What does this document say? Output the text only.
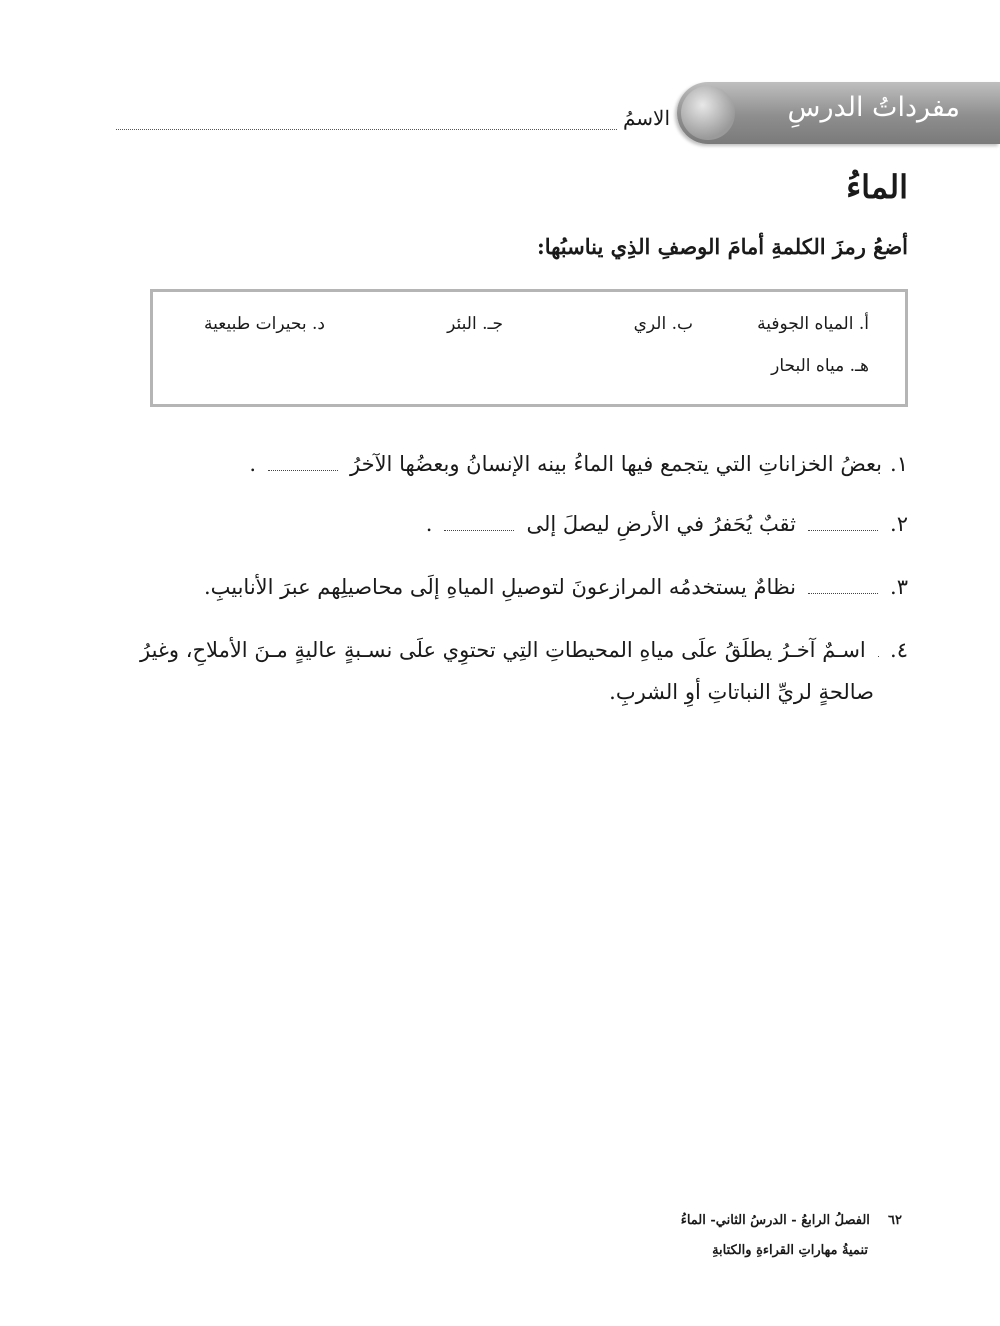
مفرداتُ الدرسِ
الاسمُ
الماءُ
أضعُ رمزَ الكلمةِ أمامَ الوصفِ الذِي يناسبُها:
أ. المياه الجوفية
ب. الري
جـ. البئر
د. بحيرات طبيعية
هـ. مياه البحار
١.
بعضُ الخزاناتِ التي يتجمع فيها الماءُ بينه الإنسانُ وبعضُها الآخرُ
.
٢.
ثقبٌ يُحَفرُ في الأرضِ ليصلَ إلى
.
٣.
نظامٌ يستخدمُه المرازعونَ لتوصيلِ المياهِ إلَى محاصيلِهم عبرَ الأنابيبِ.
٤.
اسـمٌ آخـرُ يطلَقُ علَى مياهِ المحيطاتِ التِي تحتوِي علَى نسـبةٍ عاليةٍ مـنَ الأملاحِ، وغيرُ
صالحةٍ لريِّ النباتاتِ أوِ الشربِ.
٦٢    الفصلُ الرابعُ - الدرسُ الثاني- الماءُ
تنميةُ مهاراتِ القراءةِ والكتابةِ
